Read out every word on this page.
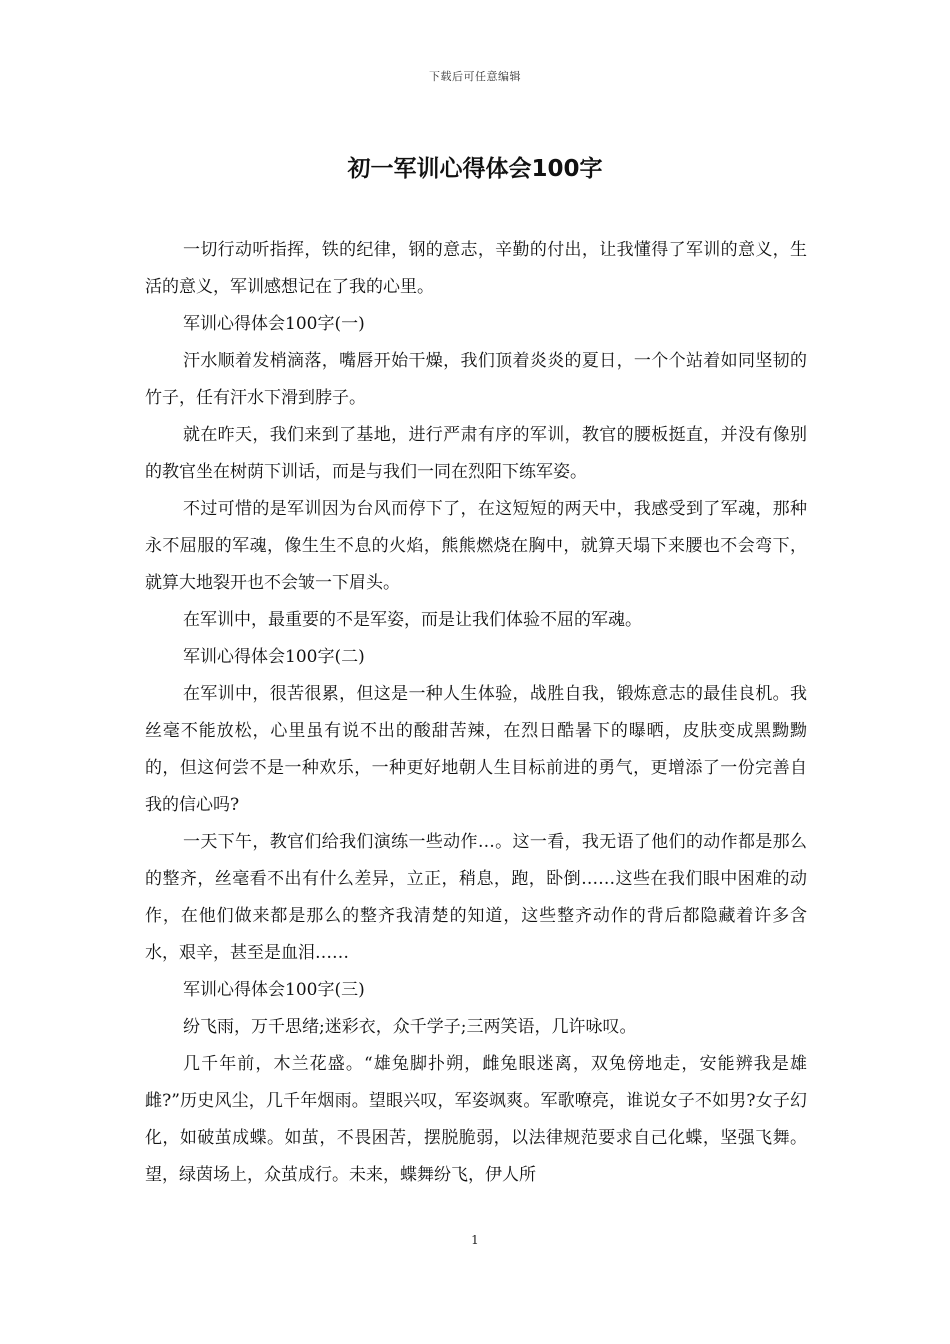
下载后可任意编辑
初一军训心得体会100字

一切行动听指挥，铁的纪律，钢的意志，辛勤的付出，让我懂得了军训的意义，生活的意义，军训感想记在了我的心里。

军训心得体会100字(一)

汗水顺着发梢滴落，嘴唇开始干燥，我们顶着炎炎的夏日，一个个站着如同坚韧的竹子，任有汗水下滑到脖子。

就在昨天，我们来到了基地，进行严肃有序的军训，教官的腰板挺直，并没有像别的教官坐在树荫下训话，而是与我们一同在烈阳下练军姿。

不过可惜的是军训因为台风而停下了，在这短短的两天中，我感受到了军魂，那种永不屈服的军魂，像生生不息的火焰，熊熊燃烧在胸中，就算天塌下来腰也不会弯下，就算大地裂开也不会皱一下眉头。

在军训中，最重要的不是军姿，而是让我们体验不屈的军魂。

军训心得体会100字(二)

在军训中，很苦很累，但这是一种人生体验，战胜自我，锻炼意志的最佳良机。我丝毫不能放松，心里虽有说不出的酸甜苦辣，在烈日酷暑下的曝晒，皮肤变成黑黝黝的，但这何尝不是一种欢乐，一种更好地朝人生目标前进的勇气，更增添了一份完善自我的信心吗?

一天下午，教官们给我们演练一些动作…。这一看，我无语了他们的动作都是那么的整齐，丝毫看不出有什么差异，立正，稍息，跑，卧倒……这些在我们眼中困难的动作，在他们做来都是那么的整齐我清楚的知道，这些整齐动作的背后都隐藏着许多含水，艰辛，甚至是血泪……

军训心得体会100字(三)

纷飞雨，万千思绪;迷彩衣，众千学子;三两笑语，几许咏叹。

几千年前，木兰花盛。“雄兔脚扑朔，雌兔眼迷离，双兔傍地走，安能辨我是雄雌?”历史风尘，几千年烟雨。望眼兴叹，军姿飒爽。军歌嘹亮，谁说女子不如男?女子幻化，如破茧成蝶。如茧，不畏困苦，摆脱脆弱，以法律规范要求自己化蝶，坚强飞舞。望，绿茵场上，众茧成行。未来，蝶舞纷飞，伊人所

1
